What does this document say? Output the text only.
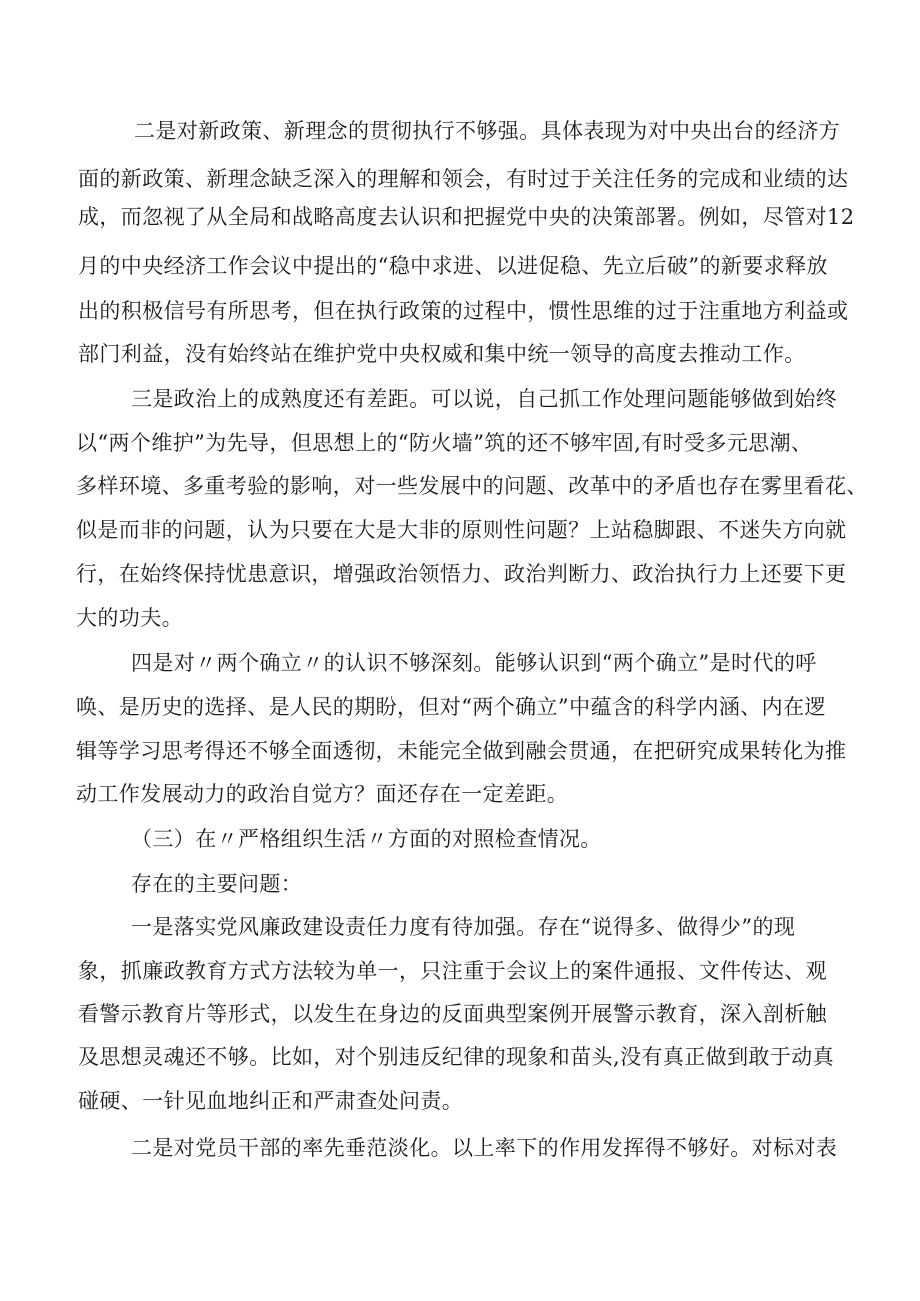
二是对新政策、新理念的贯彻执行不够强。具体表现为对中央出台的经济方
面的新政策、新理念缺乏深入的理解和领会，有时过于关注任务的完成和业绩的达
成，而忽视了从全局和战略高度去认识和把握党中央的决策部署。例如，尽管对12
月的中央经济工作会议中提出的“稳中求进、以进促稳、先立后破”的新要求释放
出的积极信号有所思考，但在执行政策的过程中，惯性思维的过于注重地方利益或
部门利益，没有始终站在维护党中央权威和集中统一领导的高度去推动工作。
三是政治上的成熟度还有差距。可以说，自己抓工作处理问题能够做到始终
以“两个维护”为先导，但思想上的“防火墙”筑的还不够牢固,有时受多元思潮、
多样环境、多重考验的影响，对一些发展中的问题、改革中的矛盾也存在雾里看花、
似是而非的问题，认为只要在大是大非的原则性问题？上站稳脚跟、不迷失方向就
行，在始终保持忧患意识，增强政治领悟力、政治判断力、政治执行力上还要下更
大的功夫。
四是对〃两个确立〃的认识不够深刻。能够认识到“两个确立”是时代的呼
唤、是历史的选择、是人民的期盼，但对“两个确立”中蕴含的科学内涵、内在逻
辑等学习思考得还不够全面透彻，未能完全做到融会贯通，在把研究成果转化为推
动工作发展动力的政治自觉方？面还存在一定差距。
（三）在〃严格组织生活〃方面的对照检查情况。
存在的主要问题：
一是落实党风廉政建设责任力度有待加强。存在“说得多、做得少”的现
象，抓廉政教育方式方法较为单一，只注重于会议上的案件通报、文件传达、观
看警示教育片等形式，以发生在身边的反面典型案例开展警示教育，深入剖析触
及思想灵魂还不够。比如，对个别违反纪律的现象和苗头,没有真正做到敢于动真
碰硬、一针见血地纠正和严肃查处问责。
二是对党员干部的率先垂范淡化。以上率下的作用发挥得不够好。对标对表
